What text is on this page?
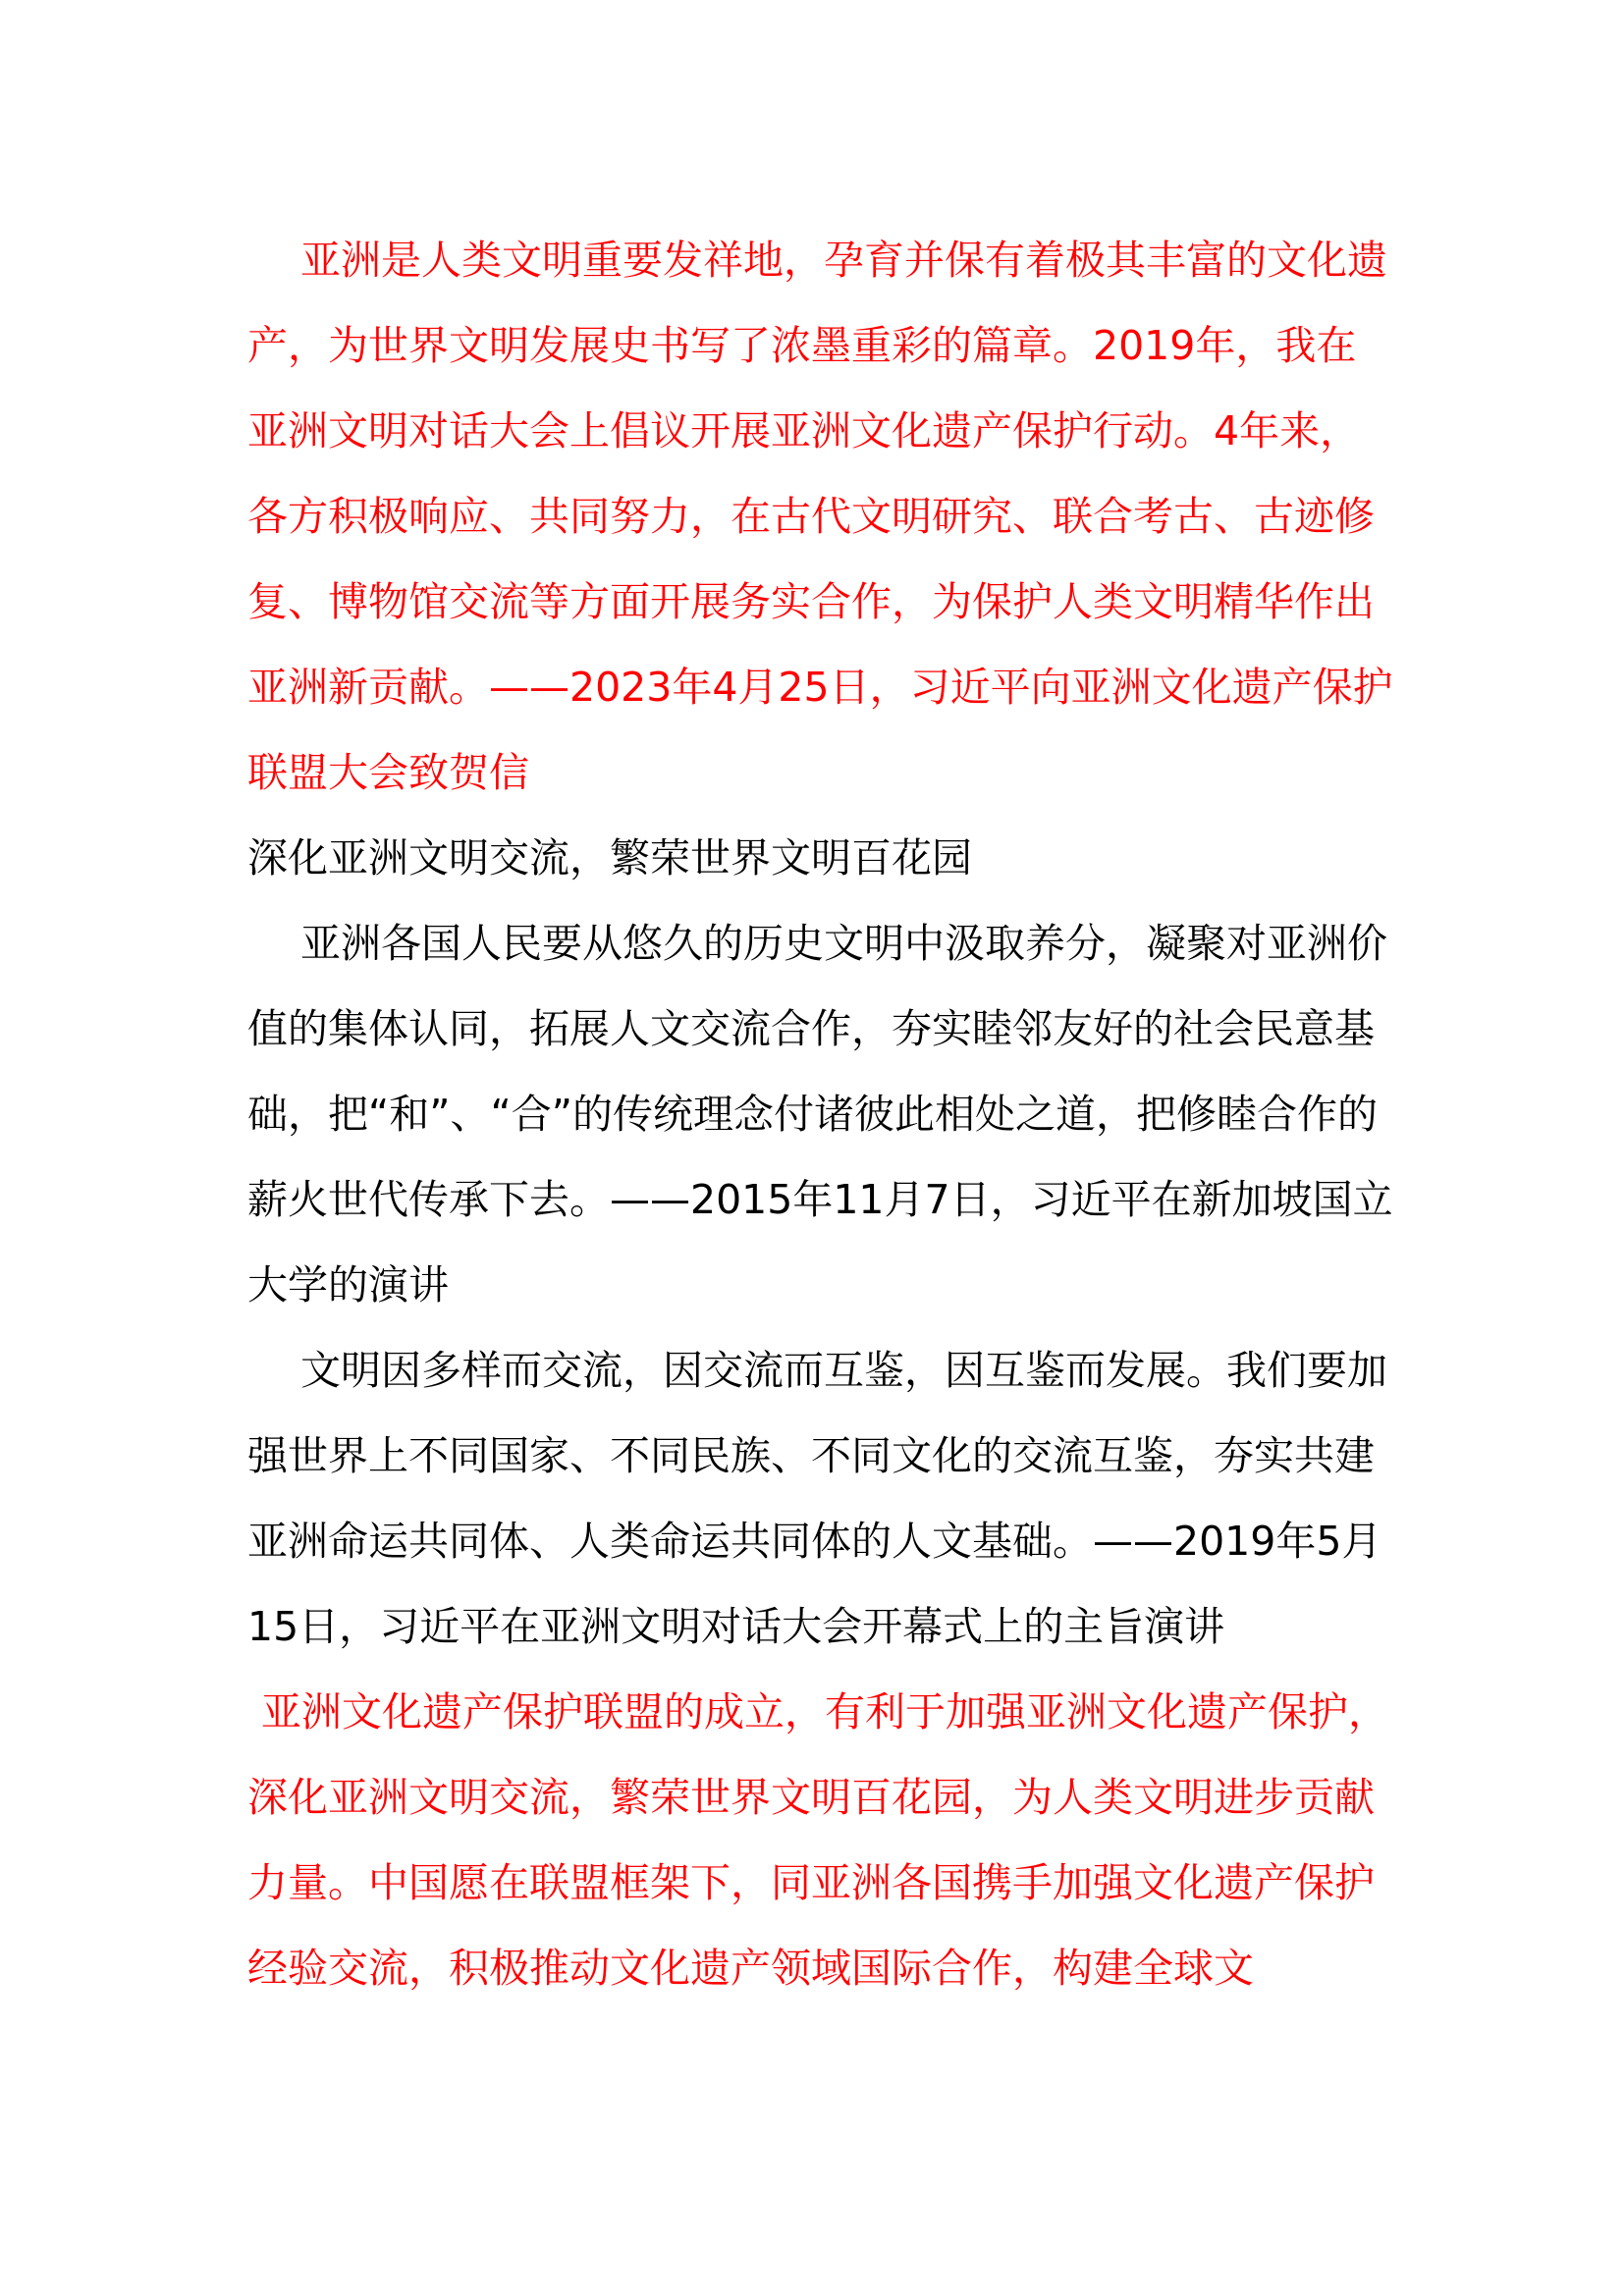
亚洲是人类文明重要发祥地，孕育并保有着极其丰富的文化遗产，为世界文明发展史书写了浓墨重彩的篇章。2019年，我在亚洲文明对话大会上倡议开展亚洲文化遗产保护行动。4年来，各方积极响应、共同努力，在古代文明研究、联合考古、古迹修复、博物馆交流等方面开展务实合作，为保护人类文明精华作出亚洲新贡献。——2023年4月25日，习近平向亚洲文化遗产保护联盟大会致贺信

深化亚洲文明交流，繁荣世界文明百花园

亚洲各国人民要从悠久的历史文明中汲取养分，凝聚对亚洲价值的集体认同，拓展人文交流合作，夯实睦邻友好的社会民意基础，把“和”、“合”的传统理念付诸彼此相处之道，把修睦合作的薪火世代传承下去。——2015年11月7日，习近平在新加坡国立大学的演讲

文明因多样而交流，因交流而互鉴，因互鉴而发展。我们要加强世界上不同国家、不同民族、不同文化的交流互鉴，夯实共建亚洲命运共同体、人类命运共同体的人文基础。——2019年5月15日，习近平在亚洲文明对话大会开幕式上的主旨演讲

亚洲文化遗产保护联盟的成立，有利于加强亚洲文化遗产保护，深化亚洲文明交流，繁荣世界文明百花园，为人类文明进步贡献力量。中国愿在联盟框架下，同亚洲各国携手加强文化遗产保护经验交流，积极推动文化遗产领域国际合作，构建全球文
